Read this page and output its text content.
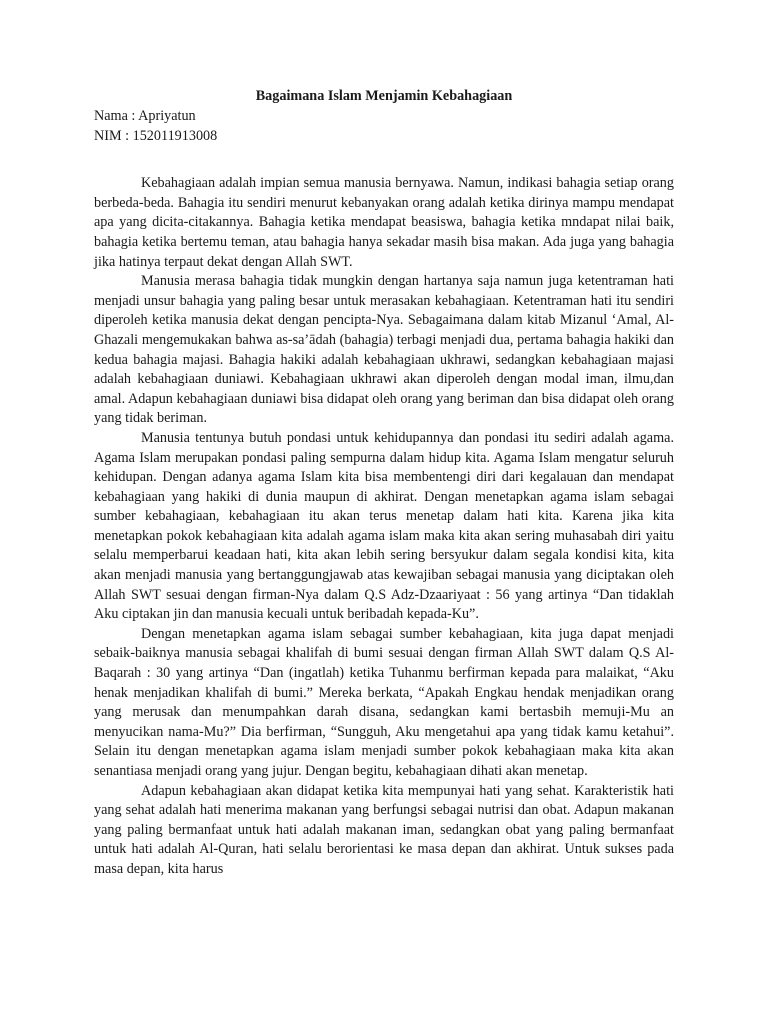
Bagaimana Islam Menjamin Kebahagiaan

Nama : Apriyatun
NIM : 152011913008

Kebahagiaan adalah impian semua manusia bernyawa. Namun, indikasi bahagia setiap orang berbeda-beda. Bahagia itu sendiri menurut kebanyakan orang adalah ketika dirinya mampu mendapat apa yang dicita-citakannya. Bahagia ketika mendapat beasiswa, bahagia ketika mndapat nilai baik, bahagia ketika bertemu teman, atau bahagia hanya sekadar masih bisa makan. Ada juga yang bahagia jika hatinya terpaut dekat dengan Allah SWT.

Manusia merasa bahagia tidak mungkin dengan hartanya saja namun juga ketentraman hati menjadi unsur bahagia yang paling besar untuk merasakan kebahagiaan. Ketentraman hati itu sendiri diperoleh ketika manusia dekat dengan pencipta-Nya. Sebagaimana dalam kitab Mizanul ‘Amal, Al-Ghazali mengemukakan bahwa as-sa’ādah (bahagia) terbagi menjadi dua, pertama bahagia hakiki dan kedua bahagia majasi. Bahagia hakiki adalah kebahagiaan ukhrawi, sedangkan kebahagiaan majasi adalah kebahagiaan duniawi. Kebahagiaan ukhrawi akan diperoleh dengan modal iman, ilmu,dan amal. Adapun kebahagiaan duniawi bisa didapat oleh orang yang beriman dan bisa didapat oleh orang yang tidak beriman.

Manusia tentunya butuh pondasi untuk kehidupannya dan pondasi itu sediri adalah agama. Agama Islam merupakan pondasi paling sempurna dalam hidup kita. Agama Islam mengatur seluruh kehidupan. Dengan adanya agama Islam kita bisa membentengi diri dari kegalauan dan mendapat kebahagiaan yang hakiki di dunia maupun di akhirat. Dengan menetapkan agama islam sebagai sumber kebahagiaan, kebahagiaan itu akan terus menetap dalam hati kita. Karena jika kita menetapkan pokok kebahagiaan kita adalah agama islam maka kita akan sering muhasabah diri yaitu selalu memperbarui keadaan hati, kita akan lebih sering bersyukur dalam segala kondisi kita, kita akan menjadi manusia yang bertanggungjawab atas kewajiban sebagai manusia yang diciptakan oleh Allah SWT sesuai dengan firman-Nya dalam Q.S Adz-Dzaariyaat : 56 yang artinya “Dan tidaklah Aku ciptakan jin dan manusia kecuali untuk beribadah kepada-Ku”.

Dengan menetapkan agama islam sebagai sumber kebahagiaan, kita juga dapat menjadi sebaik-baiknya manusia sebagai khalifah di bumi sesuai dengan firman Allah SWT dalam Q.S Al-Baqarah : 30 yang artinya “Dan (ingatlah) ketika Tuhanmu berfirman kepada para malaikat, “Aku henak menjadikan khalifah di bumi.” Mereka berkata, “Apakah Engkau hendak menjadikan orang yang merusak dan menumpahkan darah disana, sedangkan kami bertasbih memuji-Mu an menyucikan nama-Mu?” Dia berfirman, “Sungguh, Aku mengetahui apa yang tidak kamu ketahui”. Selain itu dengan menetapkan agama islam menjadi sumber pokok kebahagiaan maka kita akan senantiasa menjadi orang yang jujur. Dengan begitu, kebahagiaan dihati akan menetap.

Adapun kebahagiaan akan didapat ketika kita mempunyai hati yang sehat. Karakteristik hati yang sehat adalah hati menerima makanan yang berfungsi sebagai nutrisi dan obat. Adapun makanan yang paling bermanfaat untuk hati adalah makanan iman, sedangkan obat yang paling bermanfaat untuk hati adalah Al-Quran, hati selalu berorientasi ke masa depan dan akhirat. Untuk sukses pada masa depan, kita harus
